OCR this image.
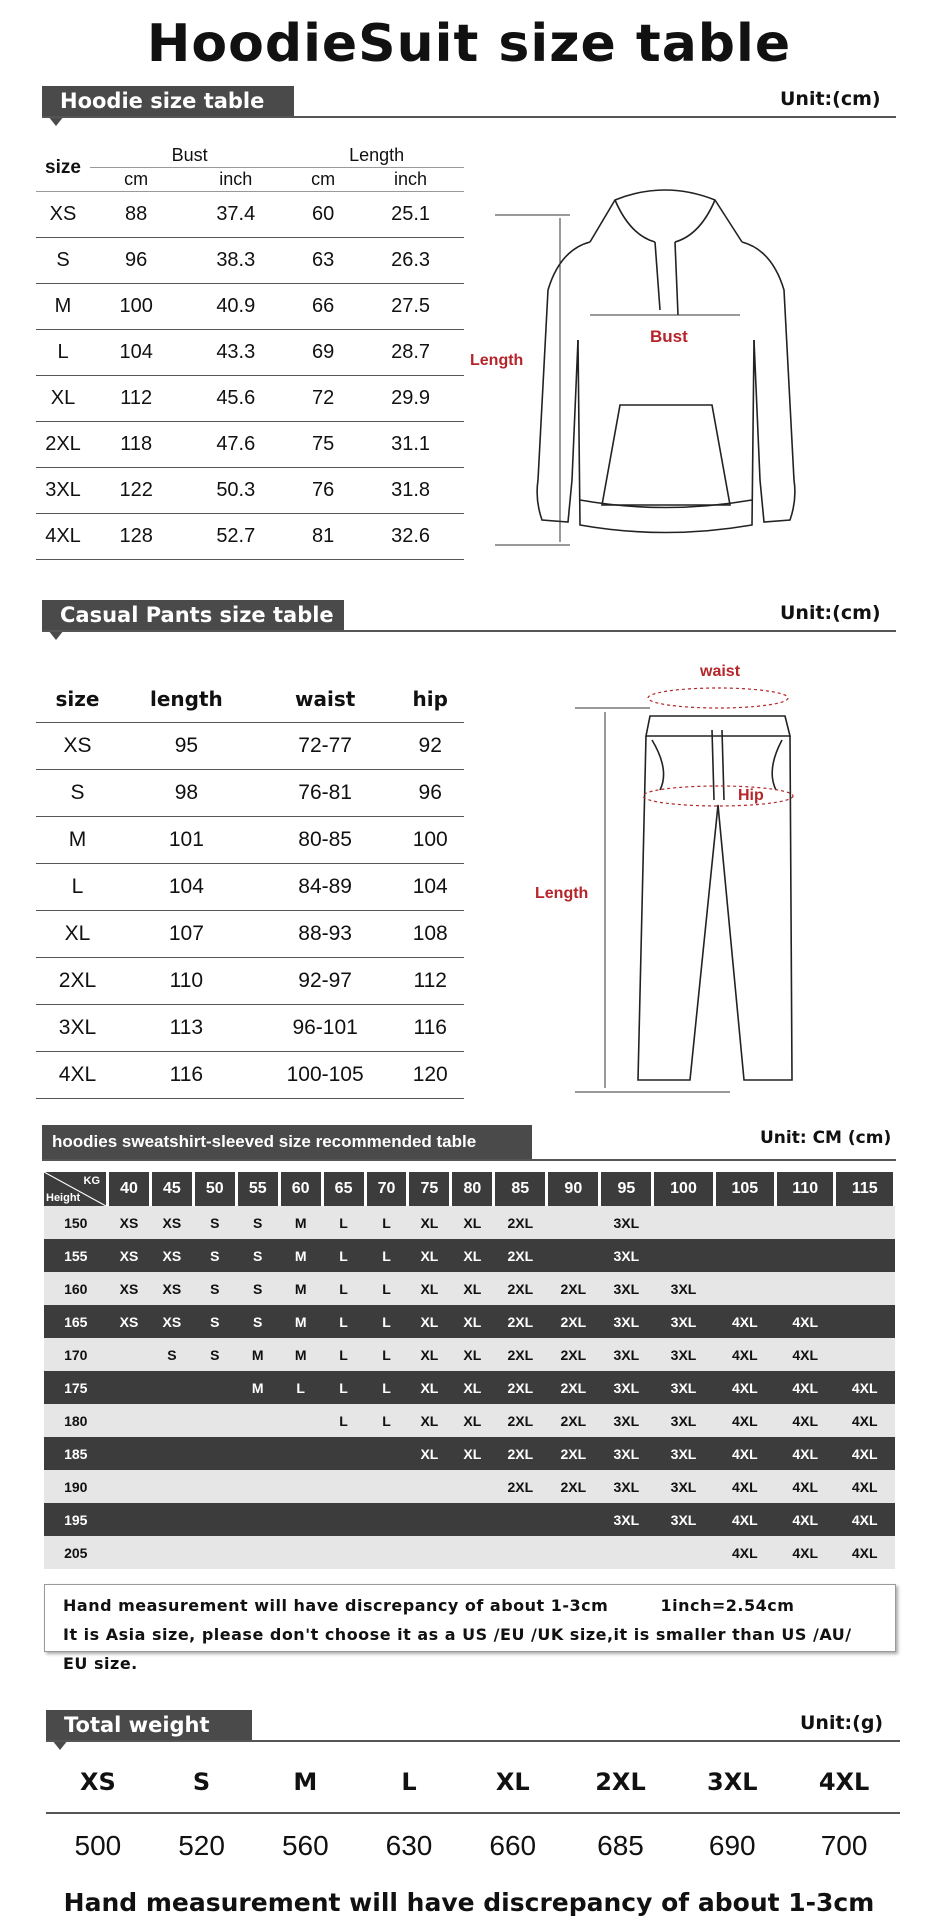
HoodieSuit size table
Hoodie size table	Unit:(cm)
size	Bust		Length	
	cm	inch	cm	inch
XS	88	37.4	60	25.1
S	96	38.3	63	26.3
M	100	40.9	66	27.5
L	104	43.3	69	28.7
XL	112	45.6	72	29.9
2XL	118	47.6	75	31.1
3XL	122	50.3	76	31.8
4XL	128	52.7	81	32.6
Length
Bust
Casual Pants size table	Unit:(cm)
size	length	waist	hip
XS	95	72-77	92
S	98	76-81	96
M	101	80-85	100
L	104	84-89	104
XL	107	88-93	108
2XL	110	92-97	112
3XL	113	96-101	116
4XL	116	100-105	120
waist
Hip
Length
hoodies sweatshirt-sleeved size recommended table	Unit: CM (cm)
KG
Height	40	45	50	55	60	65	70	75	80	85	90	95	100	105	110	115
150	XS	XS	S	S	M	L	L	XL	XL	2XL		3XL				
155	XS	XS	S	S	M	L	L	XL	XL	2XL		3XL				
160	XS	XS	S	S	M	L	L	XL	XL	2XL	2XL	3XL	3XL			
165	XS	XS	S	S	M	L	L	XL	XL	2XL	2XL	3XL	3XL	4XL	4XL	
170		S	S	M	M	L	L	XL	XL	2XL	2XL	3XL	3XL	4XL	4XL	
175				M	L	L	L	XL	XL	2XL	2XL	3XL	3XL	4XL	4XL	4XL
180						L	L	XL	XL	2XL	2XL	3XL	3XL	4XL	4XL	4XL
185								XL	XL	2XL	2XL	3XL	3XL	4XL	4XL	4XL
190										2XL	2XL	3XL	3XL	4XL	4XL	4XL
195												3XL	3XL	4XL	4XL	4XL
205														4XL	4XL	4XL
Hand measurement will have discrepancy of about 1-3cm	1inch=2.54cm
It is Asia size, please don't choose it as a US /EU /UK size,it is smaller than US /AU/ EU size.
Total weight	Unit:(g)
XS	S	M	L	XL	2XL	3XL	4XL
500	520	560	630	660	685	690	700
Hand measurement will have discrepancy of about 1-3cm
